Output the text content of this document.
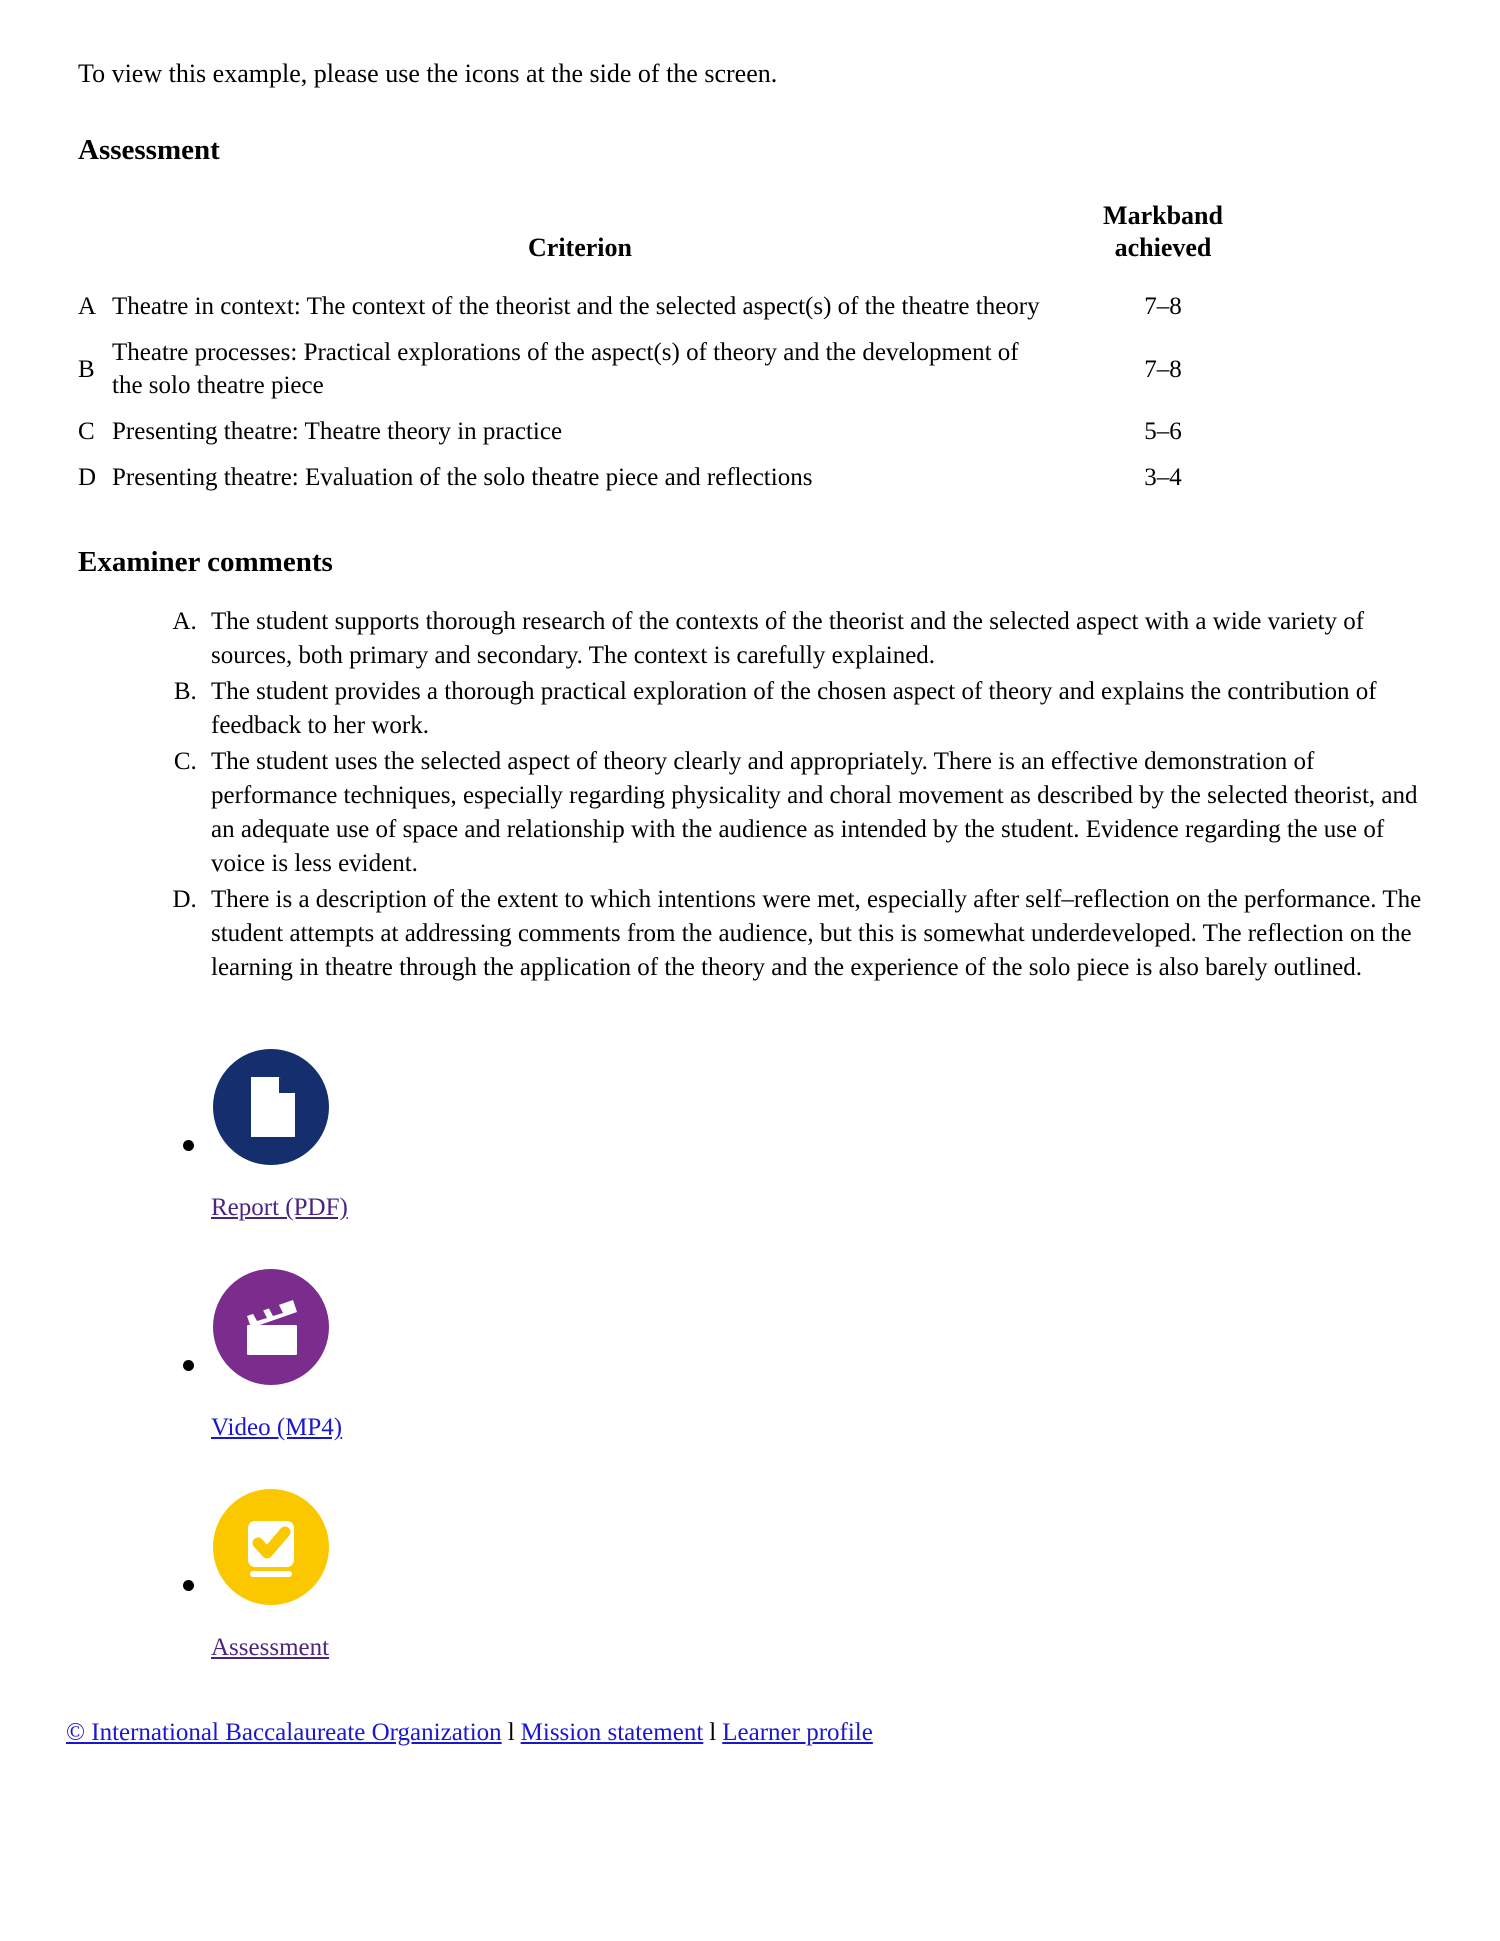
To view this example, please use the icons at the side of the screen.

Assessment
	Criterion	Markband
achieved
A	Theatre in context: The context of the theorist and the selected aspect(s) of the theatre theory	7–8
B	Theatre processes: Practical explorations of the aspect(s) of theory and the development of the solo theatre piece	7–8
C	Presenting theatre: Theatre theory in practice	5–6
D	Presenting theatre: Evaluation of the solo theatre piece and reflections	3–4
Examiner comments
A. The student supports thorough research of the contexts of the theorist and the selected aspect with a wide variety of sources, both primary and secondary. The context is carefully explained.
B. The student provides a thorough practical exploration of the chosen aspect of theory and explains the contribution of feedback to her work.
C. The student uses the selected aspect of theory clearly and appropriately. There is an effective demonstration of performance techniques, especially regarding physicality and choral movement as described by the selected theorist, and an adequate use of space and relationship with the audience as intended by the student. Evidence regarding the use of voice is less evident.
D. There is a description of the extent to which intentions were met, especially after self–reflection on the performance. The student attempts at addressing comments from the audience, but this is somewhat underdeveloped. The reflection on the learning in theatre through the application of the theory and the experience of the solo piece is also barely outlined.
Report (PDF)
Video (MP4)
Assessment
© International Baccalaureate Organization l Mission statement l Learner profile
